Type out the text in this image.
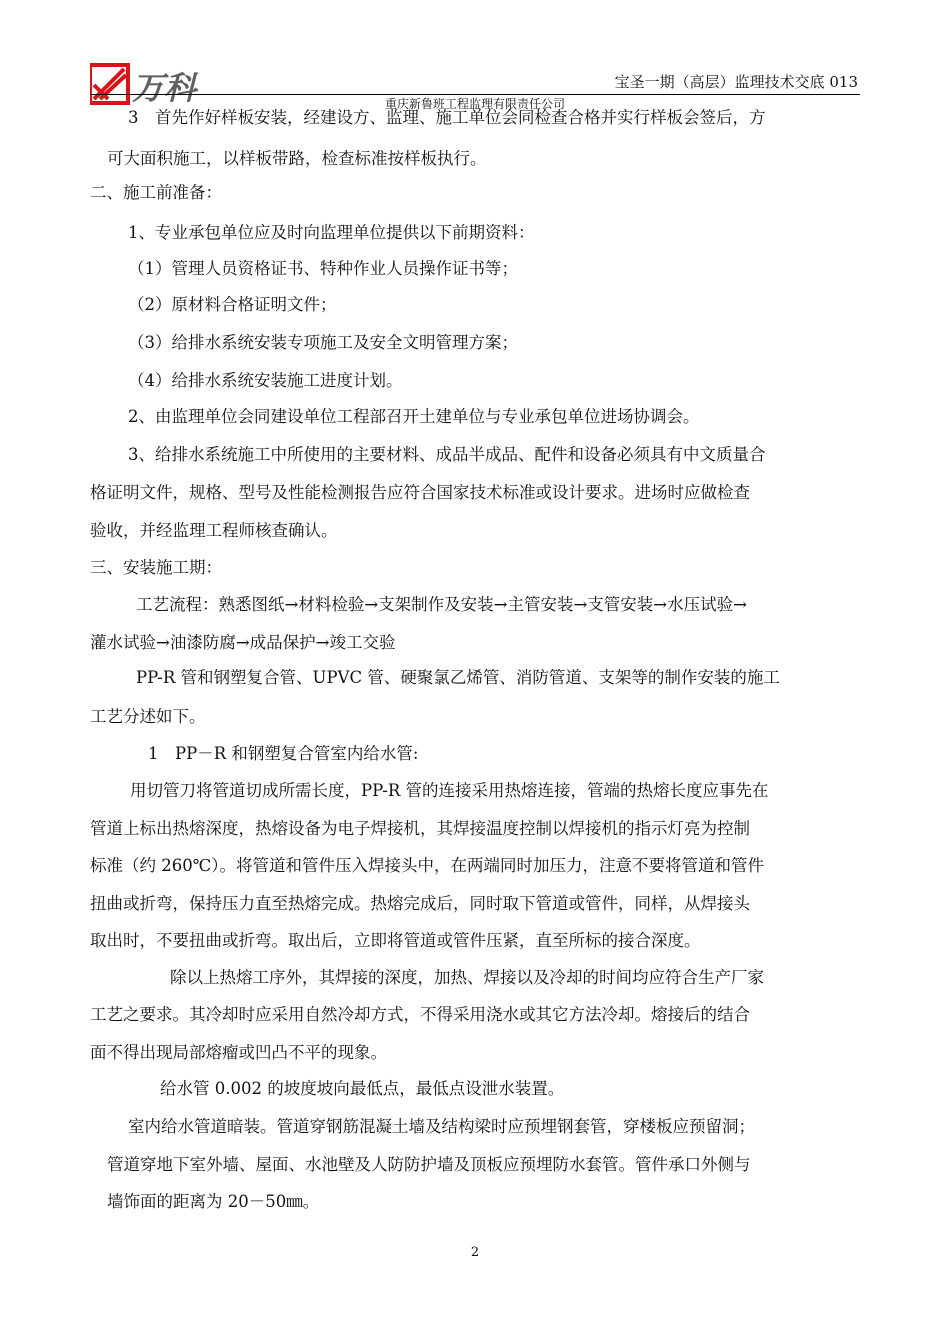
万科	宝圣一期（高层）监理技术交底 013
重庆新鲁班工程监理有限责任公司
3　首先作好样板安装，经建设方、监理、施工单位会同检查合格并实行样板会签后，方
可大面积施工，以样板带路，检查标准按样板执行。
二、施工前准备：
1、专业承包单位应及时向监理单位提供以下前期资料：
（1）管理人员资格证书、特种作业人员操作证书等；
（2）原材料合格证明文件；
（3）给排水系统安装专项施工及安全文明管理方案；
（4）给排水系统安装施工进度计划。
2、由监理单位会同建设单位工程部召开土建单位与专业承包单位进场协调会。
3、给排水系统施工中所使用的主要材料、成品半成品、配件和设备必须具有中文质量合
格证明文件，规格、型号及性能检测报告应符合国家技术标准或设计要求。进场时应做检查
验收，并经监理工程师核查确认。
三、安装施工期：
工艺流程：熟悉图纸→材料检验→支架制作及安装→主管安装→支管安装→水压试验→
灌水试验→油漆防腐→成品保护→竣工交验
PP-R 管和钢塑复合管、UPVC 管、硬聚氯乙烯管、消防管道、支架等的制作安装的施工
工艺分述如下。
1　PP－R 和钢塑复合管室内给水管:
用切管刀将管道切成所需长度，PP-R 管的连接采用热熔连接，管端的热熔长度应事先在
管道上标出热熔深度，热熔设备为电子焊接机，其焊接温度控制以焊接机的指示灯亮为控制
标准（约 260℃）。将管道和管件压入焊接头中，在两端同时加压力，注意不要将管道和管件
扭曲或折弯，保持压力直至热熔完成。热熔完成后，同时取下管道或管件，同样，从焊接头
取出时，不要扭曲或折弯。取出后，立即将管道或管件压紧，直至所标的接合深度。
除以上热熔工序外，其焊接的深度，加热、焊接以及冷却的时间均应符合生产厂家
工艺之要求。其冷却时应采用自然冷却方式，不得采用浇水或其它方法冷却。熔接后的结合
面不得出现局部熔瘤或凹凸不平的现象。
给水管 0.002 的坡度坡向最低点，最低点设泄水装置。
室内给水管道暗装。管道穿钢筋混凝土墙及结构梁时应预埋钢套管，穿楼板应预留洞；
管道穿地下室外墙、屋面、水池壁及人防防护墙及顶板应预埋防水套管。管件承口外侧与
墙饰面的距离为 20－50㎜。
2
